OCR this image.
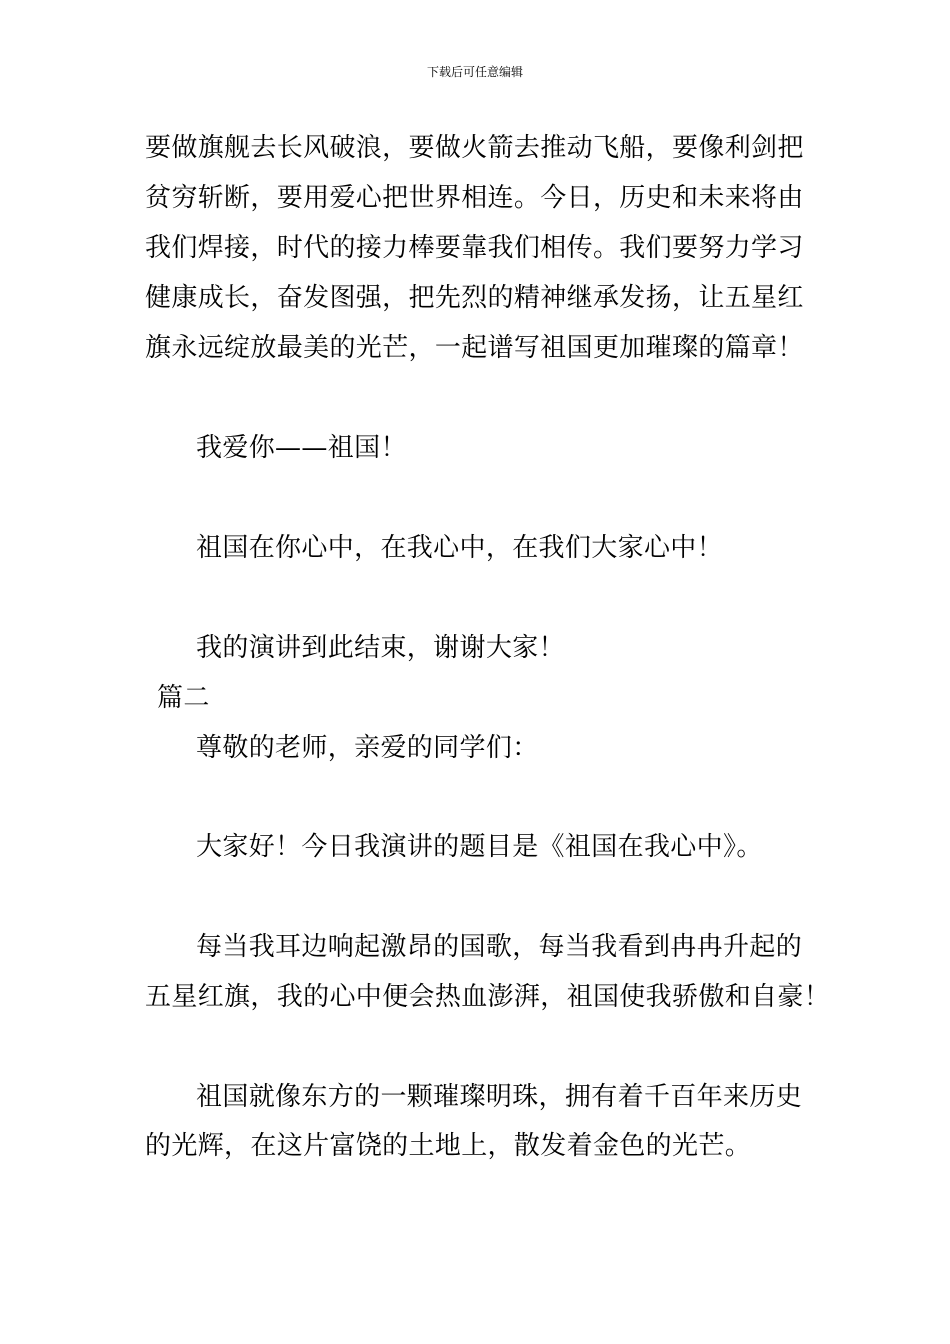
下载后可任意编辑
要做旗舰去长风破浪，要做火箭去推动飞船，要像利剑把
贫穷斩断，要用爱心把世界相连。今日，历史和未来将由
我们焊接，时代的接力棒要靠我们相传。我们要努力学习
健康成长，奋发图强，把先烈的精神继承发扬，让五星红
旗永远绽放最美的光芒，一起谱写祖国更加璀璨的篇章！
我爱你——祖国！
祖国在你心中，在我心中，在我们大家心中！
我的演讲到此结束，谢谢大家！
篇二
尊敬的老师，亲爱的同学们：
大家好！今日我演讲的题目是《祖国在我心中》。
每当我耳边响起激昂的国歌，每当我看到冉冉升起的
五星红旗，我的心中便会热血澎湃，祖国使我骄傲和自豪！
祖国就像东方的一颗璀璨明珠，拥有着千百年来历史
的光辉，在这片富饶的土地上，散发着金色的光芒。
